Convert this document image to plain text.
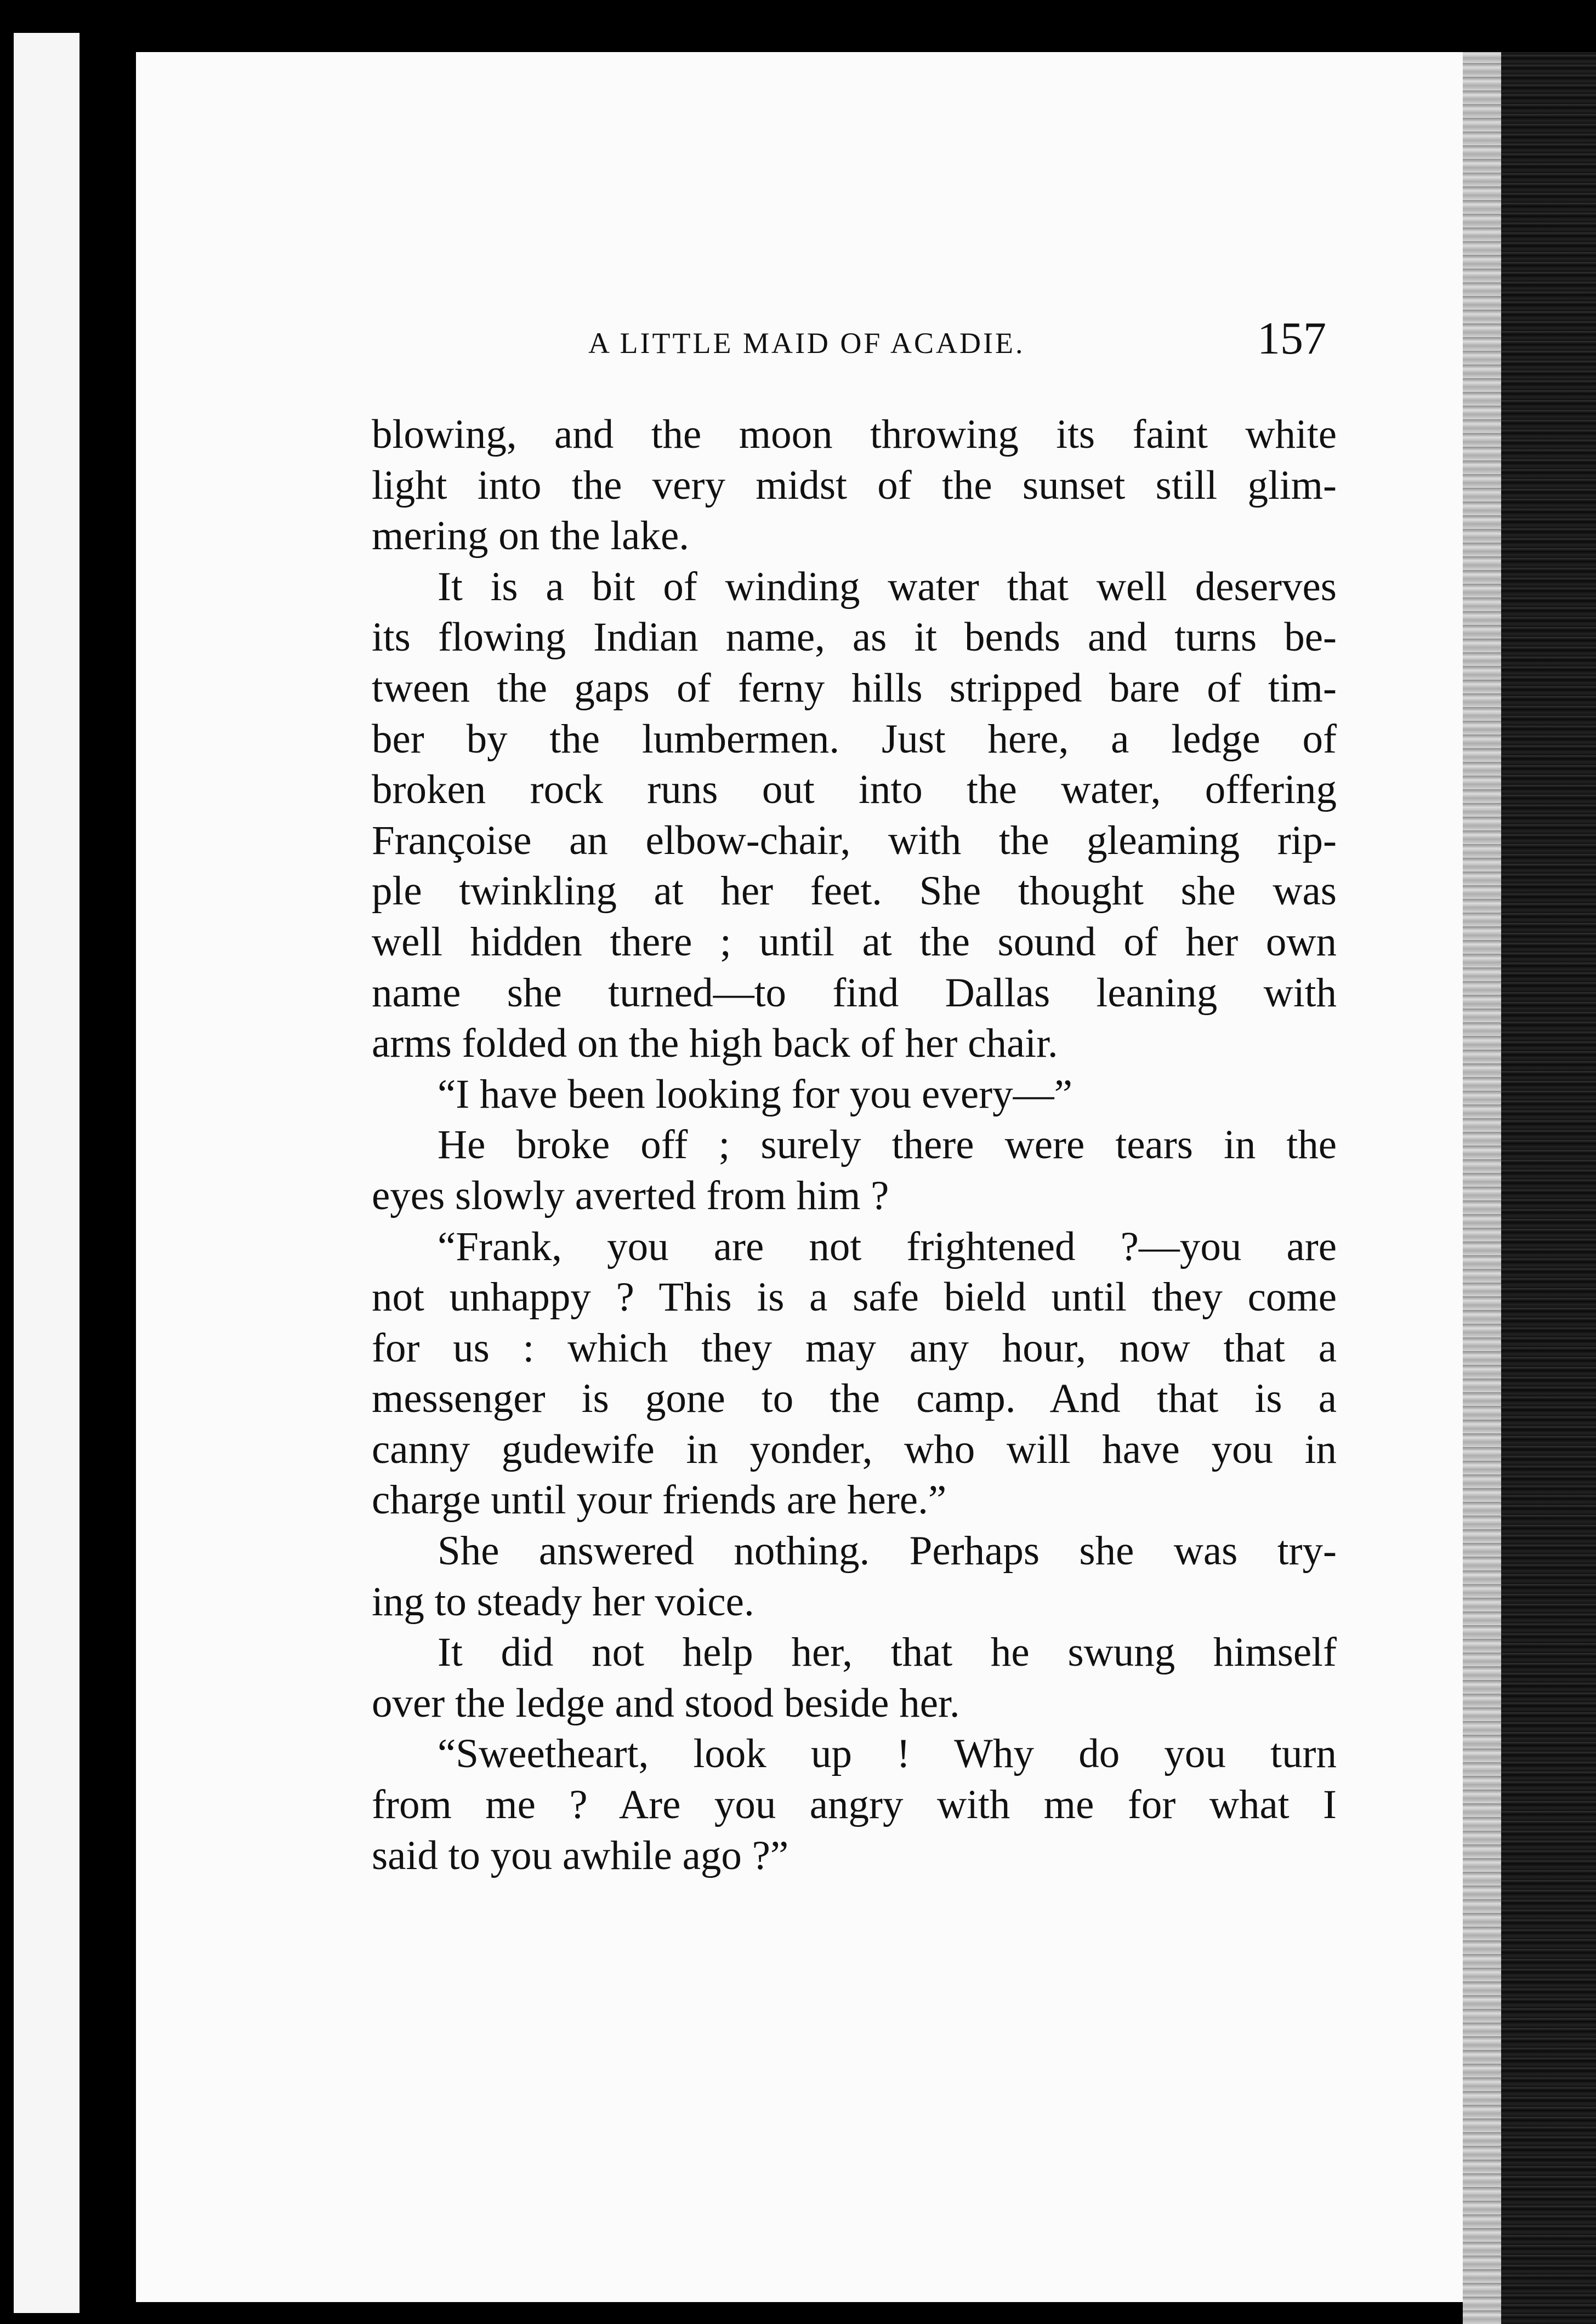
A LITTLE MAID OF ACADIE.	157
blowing, and the moon throwing its faint white
light into the very midst of the sunset still glim-
mering on the lake.
It is a bit of winding water that well deserves
its flowing Indian name, as it bends and turns be-
tween the gaps of ferny hills stripped bare of tim-
ber by the lumbermen. Just here, a ledge of
broken rock runs out into the water, offering
Françoise an elbow-chair, with the gleaming rip-
ple twinkling at her feet. She thought she was
well hidden there ; until at the sound of her own
name she turned—to find Dallas leaning with
arms folded on the high back of her chair.
“I have been looking for you every—”
He broke off ; surely there were tears in the
eyes slowly averted from him ?
“Frank, you are not frightened ?—you are
not unhappy ? This is a safe bield until they come
for us : which they may any hour, now that a
messenger is gone to the camp. And that is a
canny gudewife in yonder, who will have you in
charge until your friends are here.”
She answered nothing. Perhaps she was try-
ing to steady her voice.
It did not help her, that he swung himself
over the ledge and stood beside her.
“Sweetheart, look up ! Why do you turn
from me ? Are you angry with me for what I
said to you awhile ago ?”
